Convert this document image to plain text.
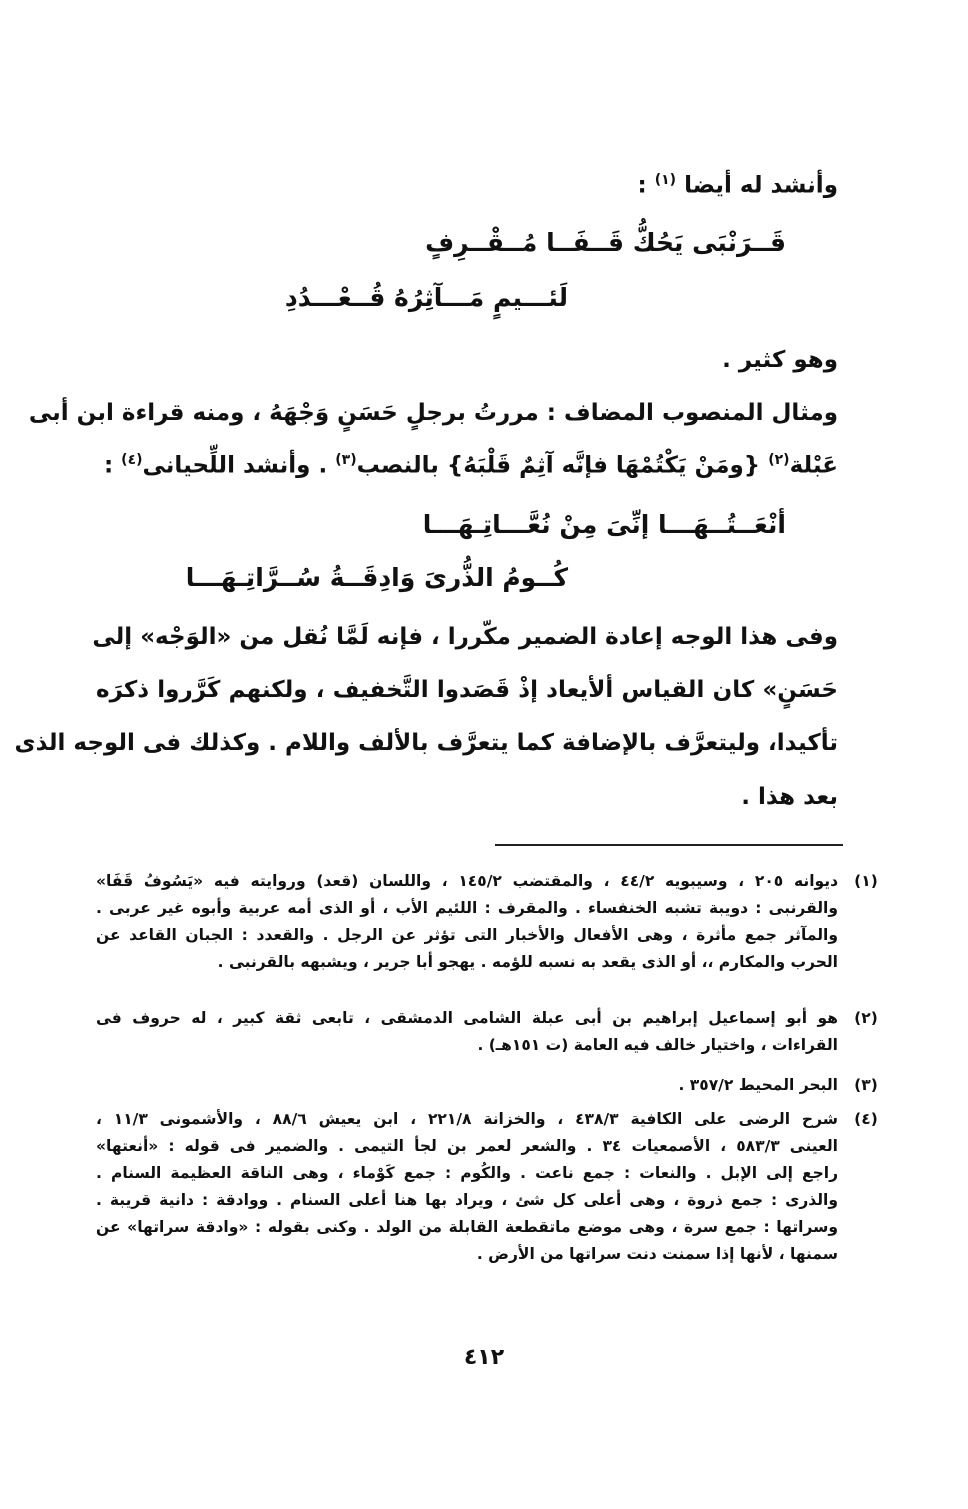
وأنشد له أيضا $^{(١)}$ :
قَــرَنْبَى يَحُكُّ قَــفَــا مُــقْــرِفٍ
لَئـــيمٍ مَـــآثِرُهُ قُــعْـــدُدِ
وهو كثير .
ومثال المنصوب المضاف : مررتُ برجلٍ حَسَنٍ وَجْهَهُ ، ومنه قراءة ابن أبى
عَبْلة$^{(٢)}$ {ومَنْ يَكْتُمْهَا فإنَّه آثِمٌ قَلْبَهُ} بالنصب$^{(٣)}$ . وأنشد اللِّحيانى$^{(٤)}$ :
أنْعَــتُــهَـــا إنِّىَ مِنْ نُعَّـــاتِـهَـــا
كُــومُ الذُّرىَ وَادِقَــةُ سُــرَّاتِـهَـــا
وفى هذا الوجه إعادة الضمير مكّررا ، فإنه لَمَّا نُقل من «الوَجْه» إلى
حَسَنٍ» كان القياس ألأيعاد إذْ قَصَدوا التَّخفيف ، ولكنهم كَرَّروا ذكرَه
تأكيدا، وليتعرَّف بالإضافة كما يتعرَّف بالألف واللام . وكذلك فى الوجه الذى
بعد هذا .
(١)
ديوانه ٢٠٥ ، وسيبويه ٤٤/٢ ، والمقتضب ١٤٥/٢ ، واللسان (قعد) وروايته فيه «يَسُوفُ قَفَا»
والقرنبى : دويبة تشبه الخنفساء . والمقرف : اللئيم الأب ، أو الذى أمه عربية وأبوه غير عربى .
والمآثر جمع مأثرة ، وهى الأفعال والأخبار التى تؤثر عن الرجل . والقعدد : الجبان القاعد عن
الحرب والمكارم ،، أو الذى يقعد به نسبه للؤمه . يهجو أبا جرير ، ويشبهه بالقرنبى .
(٢)
هو أبو إسماعيل إبراهيم بن أبى عبلة الشامى الدمشقى ، تابعى ثقة كبير ، له حروف فى
القراءات ، واختيار خالف فيه العامة (ت ١٥١هـ) .
(٣)
البحر المحيط ٣٥٧/٢ .
(٤)
شرح الرضى على الكافية ٤٣٨/٣ ، والخزانة ٢٢١/٨ ، ابن يعيش ٨٨/٦ ، والأشمونى ١١/٣ ،
العينى ٥٨٣/٣ ، الأصمعيات ٣٤ . والشعر لعمر بن لجأ التيمى . والضمير فى قوله : «أنعتها»
راجع إلى الإبل . والنعات : جمع ناعت . والكُوم : جمع كَوْماء ، وهى الناقة العظيمة السنام .
والذرى : جمع ذروة ، وهى أعلى كل شئ ، ويراد بها هنا أعلى السنام . ووادقة : دانية قريبة .
وسراتها : جمع سرة ، وهى موضع ماتقطعة القابلة من الولد . وكنى بقوله : «وادقة سراتها» عن
سمنها ، لأنها إذا سمنت دنت سراتها من الأرض .
٤١٢
